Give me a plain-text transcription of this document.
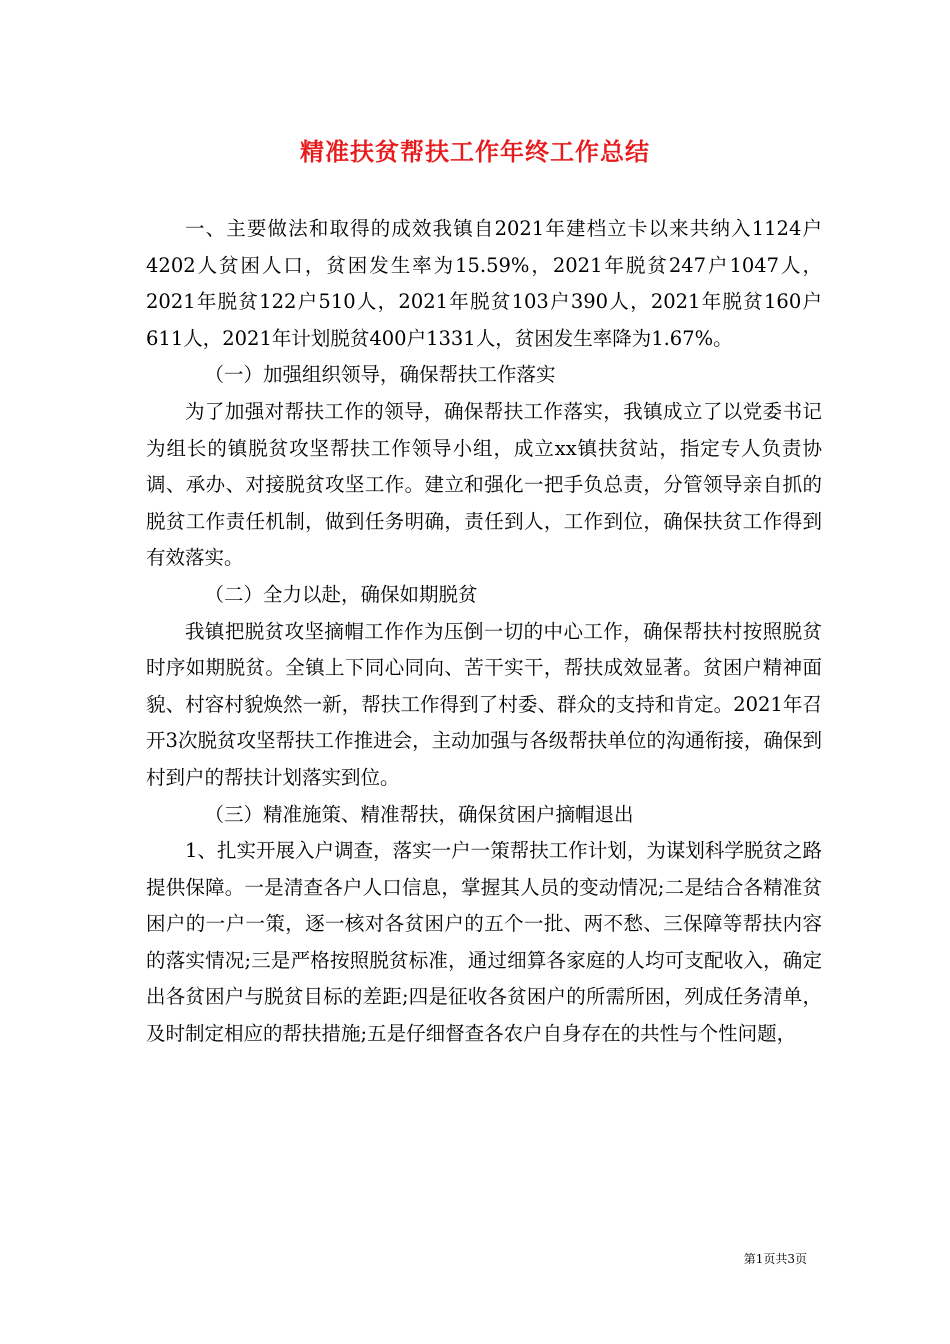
精准扶贫帮扶工作年终工作总结

一、主要做法和取得的成效我镇自2021年建档立卡以来共纳入1124户4202人贫困人口，贫困发生率为15.59%，2021年脱贫247户1047人，2021年脱贫122户510人，2021年脱贫103户390人，2021年脱贫160户611人，2021年计划脱贫400户1331人，贫困发生率降为1.67%。

（一）加强组织领导，确保帮扶工作落实

为了加强对帮扶工作的领导，确保帮扶工作落实，我镇成立了以党委书记为组长的镇脱贫攻坚帮扶工作领导小组，成立xx镇扶贫站，指定专人负责协调、承办、对接脱贫攻坚工作。建立和强化一把手负总责，分管领导亲自抓的脱贫工作责任机制，做到任务明确，责任到人，工作到位，确保扶贫工作得到有效落实。

（二）全力以赴，确保如期脱贫

我镇把脱贫攻坚摘帽工作作为压倒一切的中心工作，确保帮扶村按照脱贫时序如期脱贫。全镇上下同心同向、苦干实干，帮扶成效显著。贫困户精神面貌、村容村貌焕然一新，帮扶工作得到了村委、群众的支持和肯定。2021年召开3次脱贫攻坚帮扶工作推进会，主动加强与各级帮扶单位的沟通衔接，确保到村到户的帮扶计划落实到位。

（三）精准施策、精准帮扶，确保贫困户摘帽退出

1、扎实开展入户调查，落实一户一策帮扶工作计划，为谋划科学脱贫之路提供保障。一是清查各户人口信息，掌握其人员的变动情况;二是结合各精准贫困户的一户一策，逐一核对各贫困户的五个一批、两不愁、三保障等帮扶内容的落实情况;三是严格按照脱贫标准，通过细算各家庭的人均可支配收入，确定出各贫困户与脱贫目标的差距;四是征收各贫困户的所需所困，列成任务清单，及时制定相应的帮扶措施;五是仔细督查各农户自身存在的共性与个性问题，

第1页共3页
